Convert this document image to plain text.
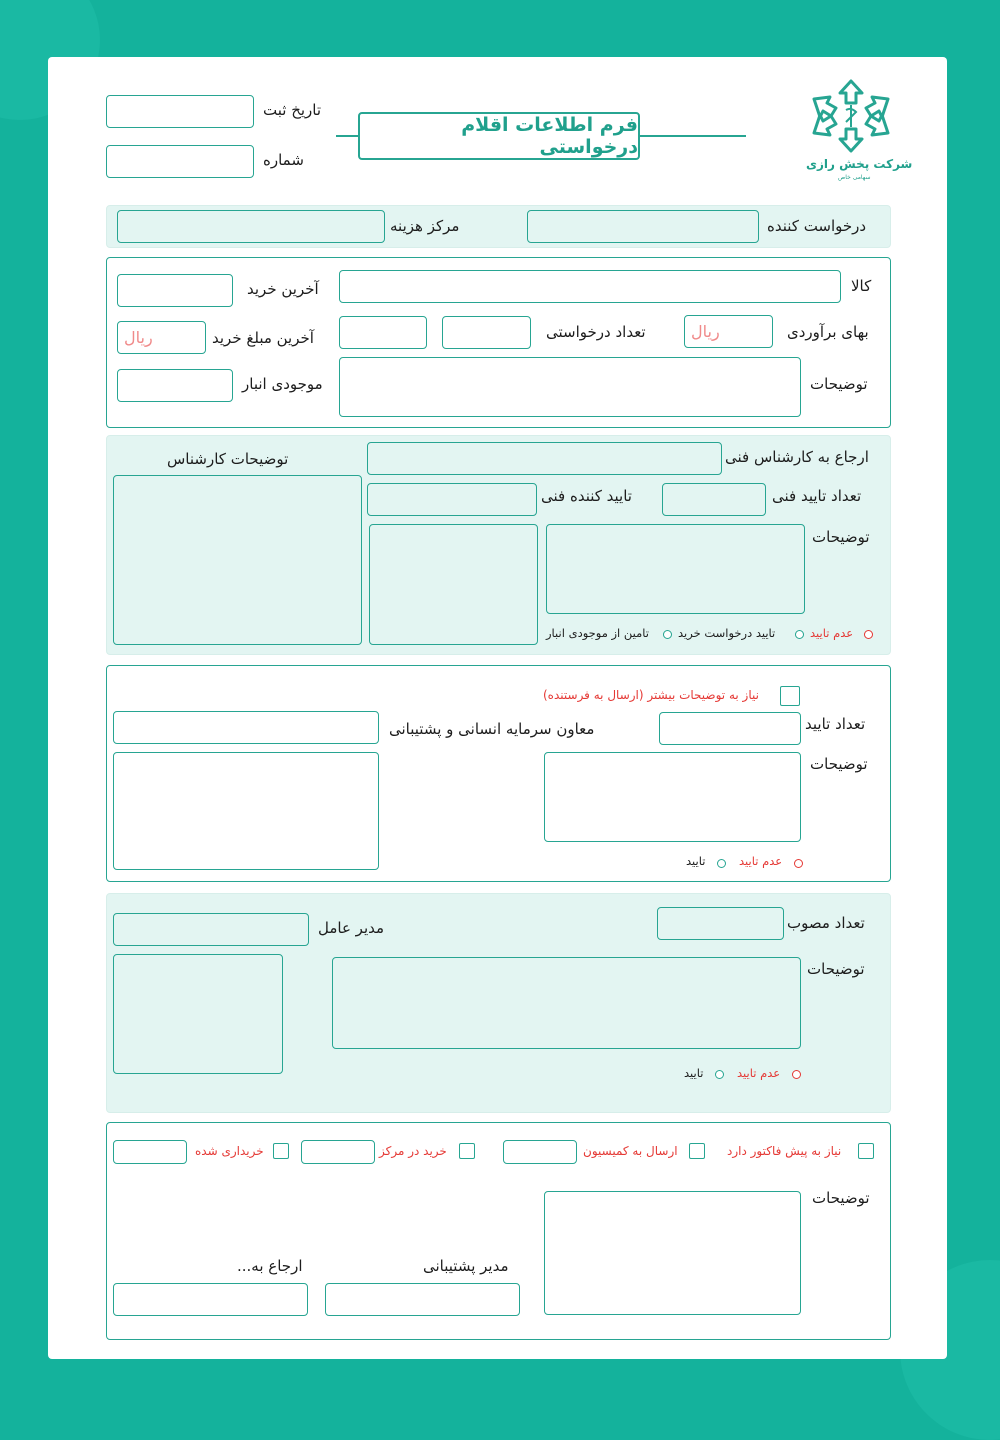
تاریخ ثبت
شماره
فرم اطلاعات اقلام درخواستی
شرکت پخش رازی
سهامی خاص
مرکز هزینه	درخواست کننده
آخرین خرید	کالا
ریال	آخرین مبلغ خرید	تعداد درخواستی	ریال	بهای برآوردی
موجودی انبار	توضیحات
توضیحات کارشناس	ارجاع به کارشناس فنی
تایید کننده فنی	تعداد تایید فنی
توضیحات
عدم تایید
تایید درخواست خرید
تامین از موجودی انبار
نیاز به توضیحات بیشتر (ارسال به فرستنده)
معاون سرمایه انسانی و پشتیبانی	تعداد تایید
توضیحات
عدم تایید
تایید
مدیر عامل	تعداد مصوب
توضیحات
عدم تایید
تایید
خریداری شده	خرید در مرکز	ارسال به کمیسیون	نیاز به پیش فاکتور دارد
توضیحات
ارجاع به...	مدیر پشتیبانی
